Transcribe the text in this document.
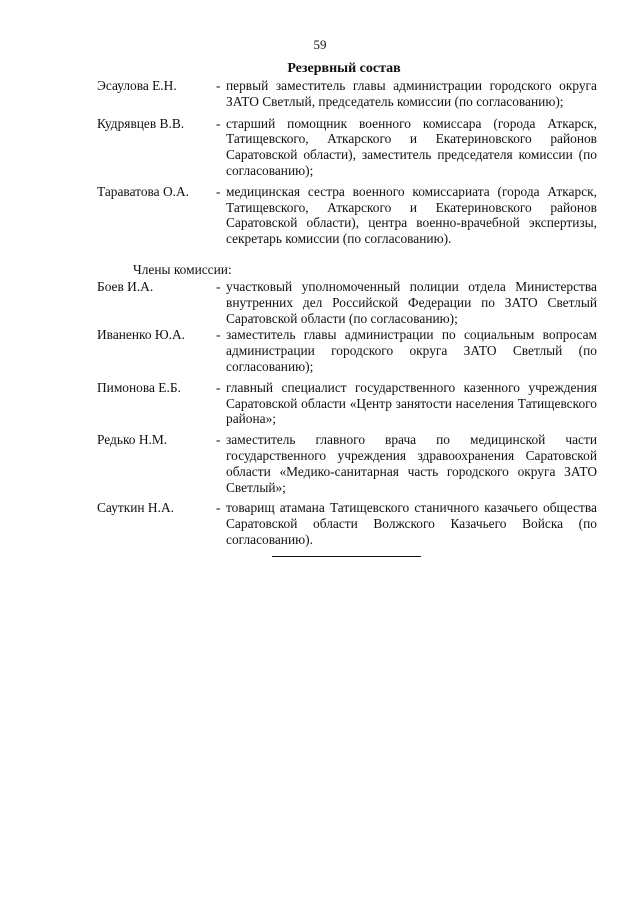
59
Резервный состав
Эсаулова Е.Н.	- первый заместитель главы администрации городского округа ЗАТО Светлый, председатель комиссии (по согласованию);
Кудрявцев В.В. - старший помощник военного комиссара (города Аткарск, Татищевского, Аткарского и Екатериновского районов Саратовской области), заместитель председателя комиссии (по согласованию);
Тараватова О.А. - медицинская сестра военного комиссариата (города Аткарск, Татищевского, Аткарского и Екатериновского районов Саратовской области), центра военно-врачебной экспертизы, секретарь комиссии (по согласованию).
Члены комиссии:
Боев И.А.	- участковый уполномоченный полиции отдела Министерства внутренних дел Российской Федерации по ЗАТО Светлый Саратовской области (по согласованию);
Иваненко Ю.А. - заместитель главы администрации по социальным вопросам администрации городского округа ЗАТО Светлый (по согласованию);
Пимонова Е.Б.	- главный специалист государственного казенного учреждения Саратовской области «Центр занятости населения Татищевского района»;
Редько Н.М.	- заместитель главного врача по медицинской части государственного учреждения здравоохранения Саратовской области «Медико-санитарная часть городского округа ЗАТО Светлый»;
Сауткин Н.А.	- товарищ атамана Татищевского станичного казачьего общества Саратовской области Волжского Казачьего Войска (по согласованию).
